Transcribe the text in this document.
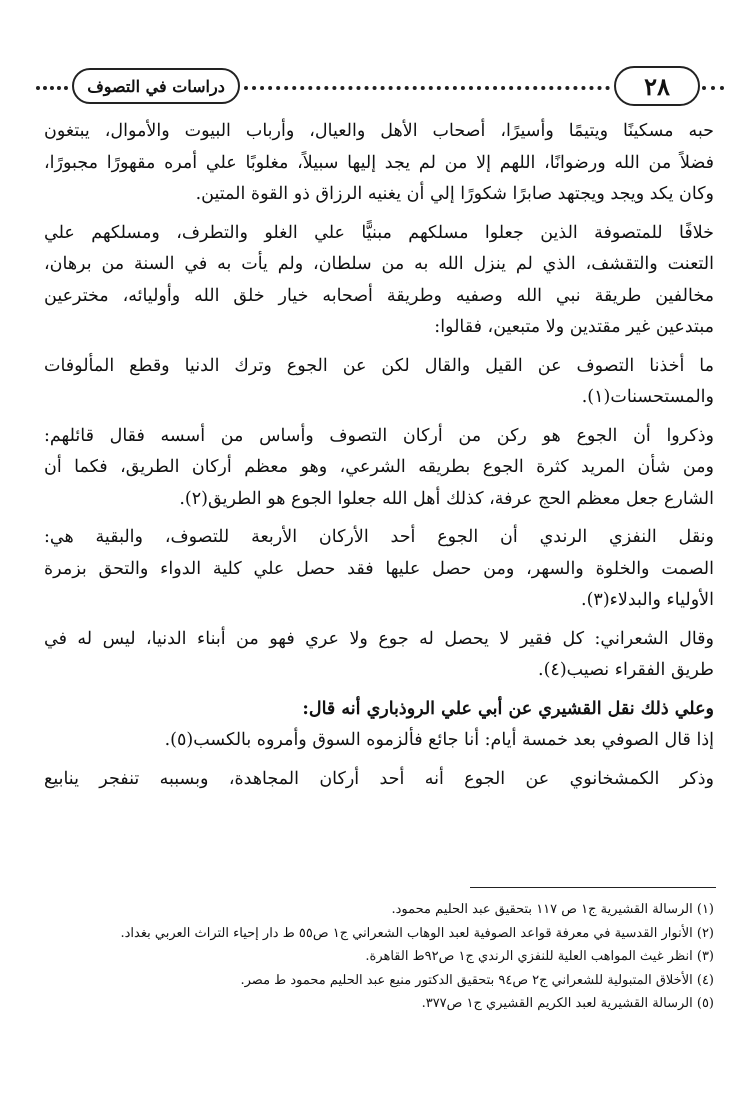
دراسات في التصوف	٢٨
حبه مسكينًا ويتيمًا وأسيرًا، أصحاب الأهل والعيال، وأرباب البيوت والأموال، يبتغون
فضلاً من الله ورضوانًا، اللهم إلا من لم يجد إليها سبيلاً، مغلوبًا علي أمره مقهورًا مجبورًا،
وكان يكد ويجد ويجتهد صابرًا شكورًا إلي أن يغنيه الرزاق ذو القوة المتين.
خلافًا للمتصوفة الذين جعلوا مسلكهم مبنيًّا علي الغلو والتطرف، ومسلكهم علي
التعنت والتقشف، الذي لم ينزل الله به من سلطان، ولم يأت به في السنة من برهان،
مخالفين طريقة نبي الله وصفيه وطريقة أصحابه خيار خلق الله وأوليائه، مخترعين
مبتدعين غير مقتدين ولا متبعين، فقالوا:
ما أخذنا التصوف عن القيل والقال لكن عن الجوع وترك الدنيا وقطع المألوفات
والمستحسنات(١).
وذكروا أن الجوع هو ركن من أركان التصوف وأساس من أسسه فقال قائلهم:
ومن شأن المريد كثرة الجوع بطريقه الشرعي، وهو معظم أركان الطريق، فكما أن
الشارع جعل معظم الحج عرفة، كذلك أهل الله جعلوا الجوع هو الطريق(٢).
ونقل النفزي الرندي أن الجوع أحد الأركان الأربعة للتصوف، والبقية هي:
الصمت والخلوة والسهر، ومن حصل عليها فقد حصل علي كلية الدواء والتحق بزمرة
الأولياء والبدلاء(٣).
وقال الشعراني: كل فقير لا يحصل له جوع ولا عري فهو من أبناء الدنيا، ليس له في
طريق الفقراء نصيب(٤).
وعلي ذلك نقل القشيري عن أبي علي الروذباري أنه قال:
إذا قال الصوفي بعد خمسة أيام: أنا جائع فألزموه السوق وأمروه بالكسب(٥).
وذكر الكمشخانوي عن الجوع أنه أحد أركان المجاهدة، وبسببه تنفجر ينابيع
(١) الرسالة القشيرية ج١ ص ١١٧ بتحقيق عبد الحليم محمود.
(٢) الأنوار القدسية في معرفة قواعد الصوفية لعبد الوهاب الشعراني ج١ ص٥٥ ط دار إحياء التراث العربي بغداد.
(٣) انظر غيث المواهب العلية للنفزي الرندي ج١ ص٩٢ط القاهرة.
(٤) الأخلاق المتبولية للشعراني ج٢ ص٩٤ بتحقيق الدكتور منيع عبد الحليم محمود ط مصر.
(٥) الرسالة القشيرية لعبد الكريم القشيري ج١ ص٣٧٧.
